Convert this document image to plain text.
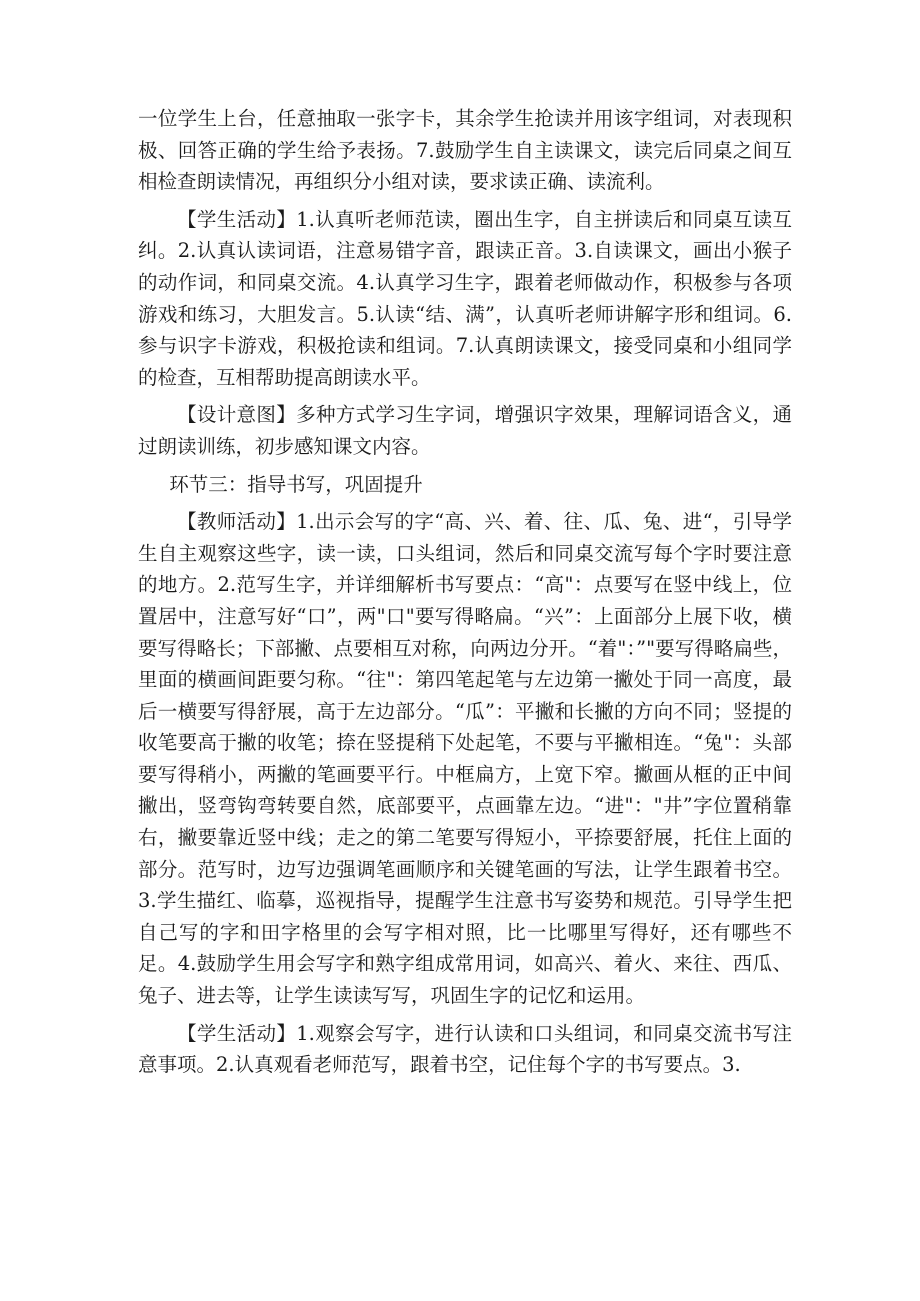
一位学生上台，任意抽取一张字卡，其余学生抢读并用该字组词，对表现积极、回答正确的学生给予表扬。7.鼓励学生自主读课文，读完后同桌之间互相检查朗读情况，再组织分小组对读，要求读正确、读流利。

【学生活动】1.认真听老师范读，圈出生字，自主拼读后和同桌互读互纠。2.认真认读词语，注意易错字音，跟读正音。3.自读课文，画出小猴子的动作词，和同桌交流。4.认真学习生字，跟着老师做动作，积极参与各项游戏和练习，大胆发言。5.认读“结、满”，认真听老师讲解字形和组词。6.参与识字卡游戏，积极抢读和组词。7.认真朗读课文，接受同桌和小组同学的检查，互相帮助提高朗读水平。

【设计意图】多种方式学习生字词，增强识字效果，理解词语含义，通过朗读训练，初步感知课文内容。

环节三：指导书写，巩固提升

【教师活动】1.出示会写的字“高、兴、着、往、瓜、兔、进“，引导学生自主观察这些字，读一读，口头组词，然后和同桌交流写每个字时要注意的地方。2.范写生字，并详细解析书写要点：“高"：点要写在竖中线上，位置居中，注意写好“口”，两"口"要写得略扁。“兴”：上面部分上展下收，横要写得略长；下部撇、点要相互对称，向两边分开。“着"：”"要写得略扁些，里面的横画间距要匀称。“往"：第四笔起笔与左边第一撇处于同一高度，最后一横要写得舒展，高于左边部分。“瓜”：平撇和长撇的方向不同；竖提的收笔要高于撇的收笔；捺在竖提稍下处起笔，不要与平撇相连。“兔"：头部要写得稍小，两撇的笔画要平行。中框扁方，上宽下窄。撇画从框的正中间撇出，竖弯钩弯转要自然，底部要平，点画靠左边。“进"："井”字位置稍靠右，撇要靠近竖中线；走之的第二笔要写得短小，平捺要舒展，托住上面的部分。范写时，边写边强调笔画顺序和关键笔画的写法，让学生跟着书空。3.学生描红、临摹，巡视指导，提醒学生注意书写姿势和规范。引导学生把自己写的字和田字格里的会写字相对照，比一比哪里写得好，还有哪些不足。4.鼓励学生用会写字和熟字组成常用词，如高兴、着火、来往、西瓜、兔子、进去等，让学生读读写写，巩固生字的记忆和运用。

【学生活动】1.观察会写字，进行认读和口头组词，和同桌交流书写注意事项。2.认真观看老师范写，跟着书空，记住每个字的书写要点。3.
